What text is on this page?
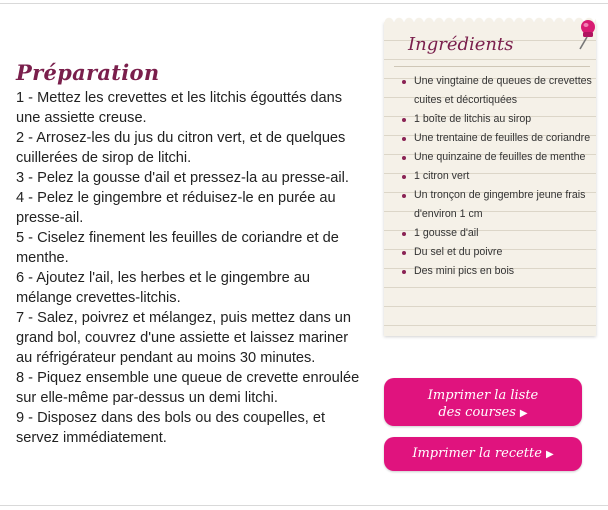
Préparation
1 - Mettez les crevettes et les litchis égouttés dans une assiette creuse.
2 - Arrosez-les du jus du citron vert, et de quelques cuillerées de sirop de litchi.
3 - Pelez la gousse d'ail et pressez-la au presse-ail.
4 - Pelez le gingembre et réduisez-le en purée au presse-ail.
5 - Ciselez finement les feuilles de coriandre et de menthe.
6 - Ajoutez l'ail, les herbes et le gingembre au mélange crevettes-litchis.
7 - Salez, poivrez et mélangez, puis mettez dans un grand bol, couvrez d'une assiette et laissez mariner au réfrigérateur pendant au moins 30 minutes.
8 - Piquez ensemble une queue de crevette enroulée sur elle-même par-dessus un demi litchi.
9 - Disposez dans des bols ou des coupelles, et servez immédiatement.
Ingrédients
Une vingtaine de queues de crevettes cuites et décortiquées
1 boîte de litchis au sirop
Une trentaine de feuilles de coriandre
Une quinzaine de feuilles de menthe
1 citron vert
Un tronçon de gingembre jeune frais d'environ 1 cm
1 gousse d'ail
Du sel et du poivre
Des mini pics en bois
Imprimer la liste
des courses ▶
Imprimer la recette ▶
